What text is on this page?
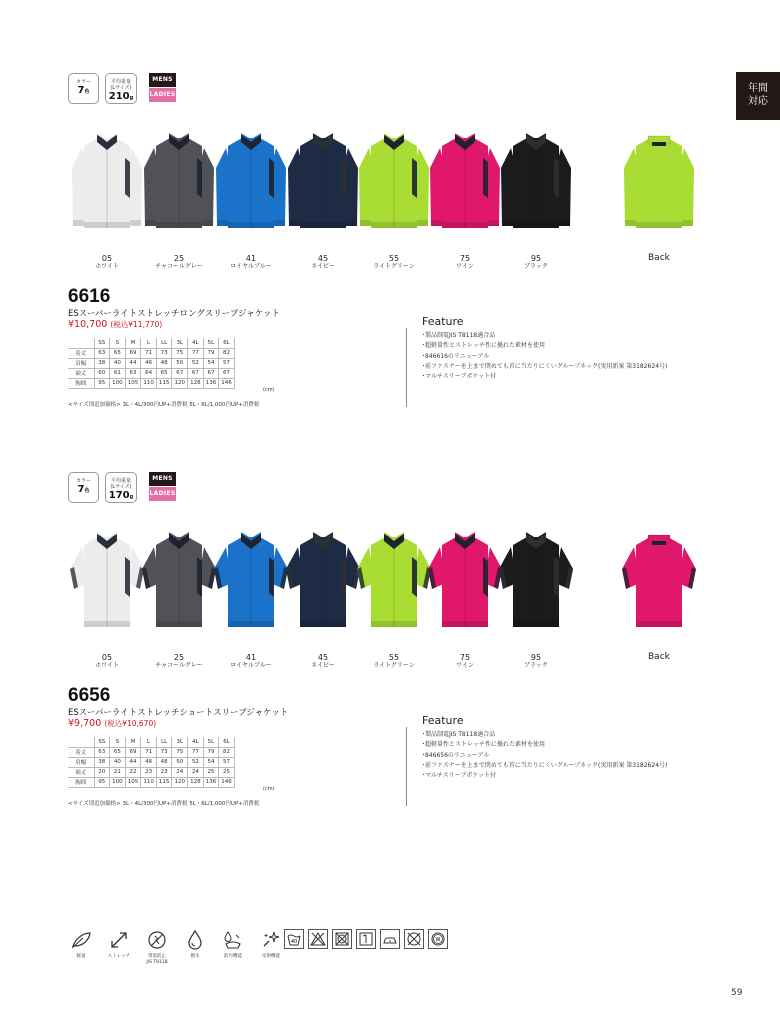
年間
対応
カラー
7色
平均重量
(Lサイズ)
210g
MENS
LADIES
05
ホワイト
25
チャコールグレー
41
ロイヤルブルー
45
ネイビー
55
ライトグリーン
75
ワイン
95
ブラック
Back
6616
ESスーパーライトストレッチロングスリーブジャケット
¥10,700 (税込¥11,770)
	SS	S	M	L	LL	3L	4L	5L	6L
着丈	63	65	69	71	73	75	77	79	82
肩幅	38	40	44	46	48	50	52	54	57
袖丈	60	61	63	64	65	67	67	67	67
胸囲	95	100	105	110	115	120	128	136	146
(cm)
<サイズ別追加価格> 3L・4L/300円UP+消費税 5L・6L/1,000円UP+消費税
Feature
･製品制電JIS T8118適合品
･超軽量性とストレッチ性に優れた素材を使用
･846616のリニューアル
･前ファスナーを上まで閉めても首に当たりにくいグループネック(実用新案 第3182624号)
･マルチスリーブポケット付
カラー
7色
平均重量
(Lサイズ)
170g
MENS
LADIES
05
ホワイト
25
チャコールグレー
41
ロイヤルブルー
45
ネイビー
55
ライトグリーン
75
ワイン
95
ブラック
Back
6656
ESスーパーライトストレッチショートスリーブジャケット
¥9,700 (税込¥10,670)
	SS	S	M	L	LL	3L	4L	5L	6L
着丈	63	65	69	71	73	75	77	79	82
肩幅	38	40	44	46	48	50	52	54	57
袖丈	20	21	22	23	23	24	24	25	25
胸囲	95	100	105	110	115	120	128	136	146
(cm)
<サイズ別追加価格> 3L・4L/300円UP+消費税 5L・6L/1,000円UP+消費税
Feature
･製品制電JIS T8118適合品
･超軽量性とストレッチ性に優れた素材を使用
･846656のリニューアル
･前ファスナーを上まで閉めても首に当たりにくいグループネック(実用新案 第3182624号)
･マルチスリーブポケット付
軽量	ストレッチ	帯電防止
JIS T8118
撥水	防汚機能	反射機能
40	W
59
